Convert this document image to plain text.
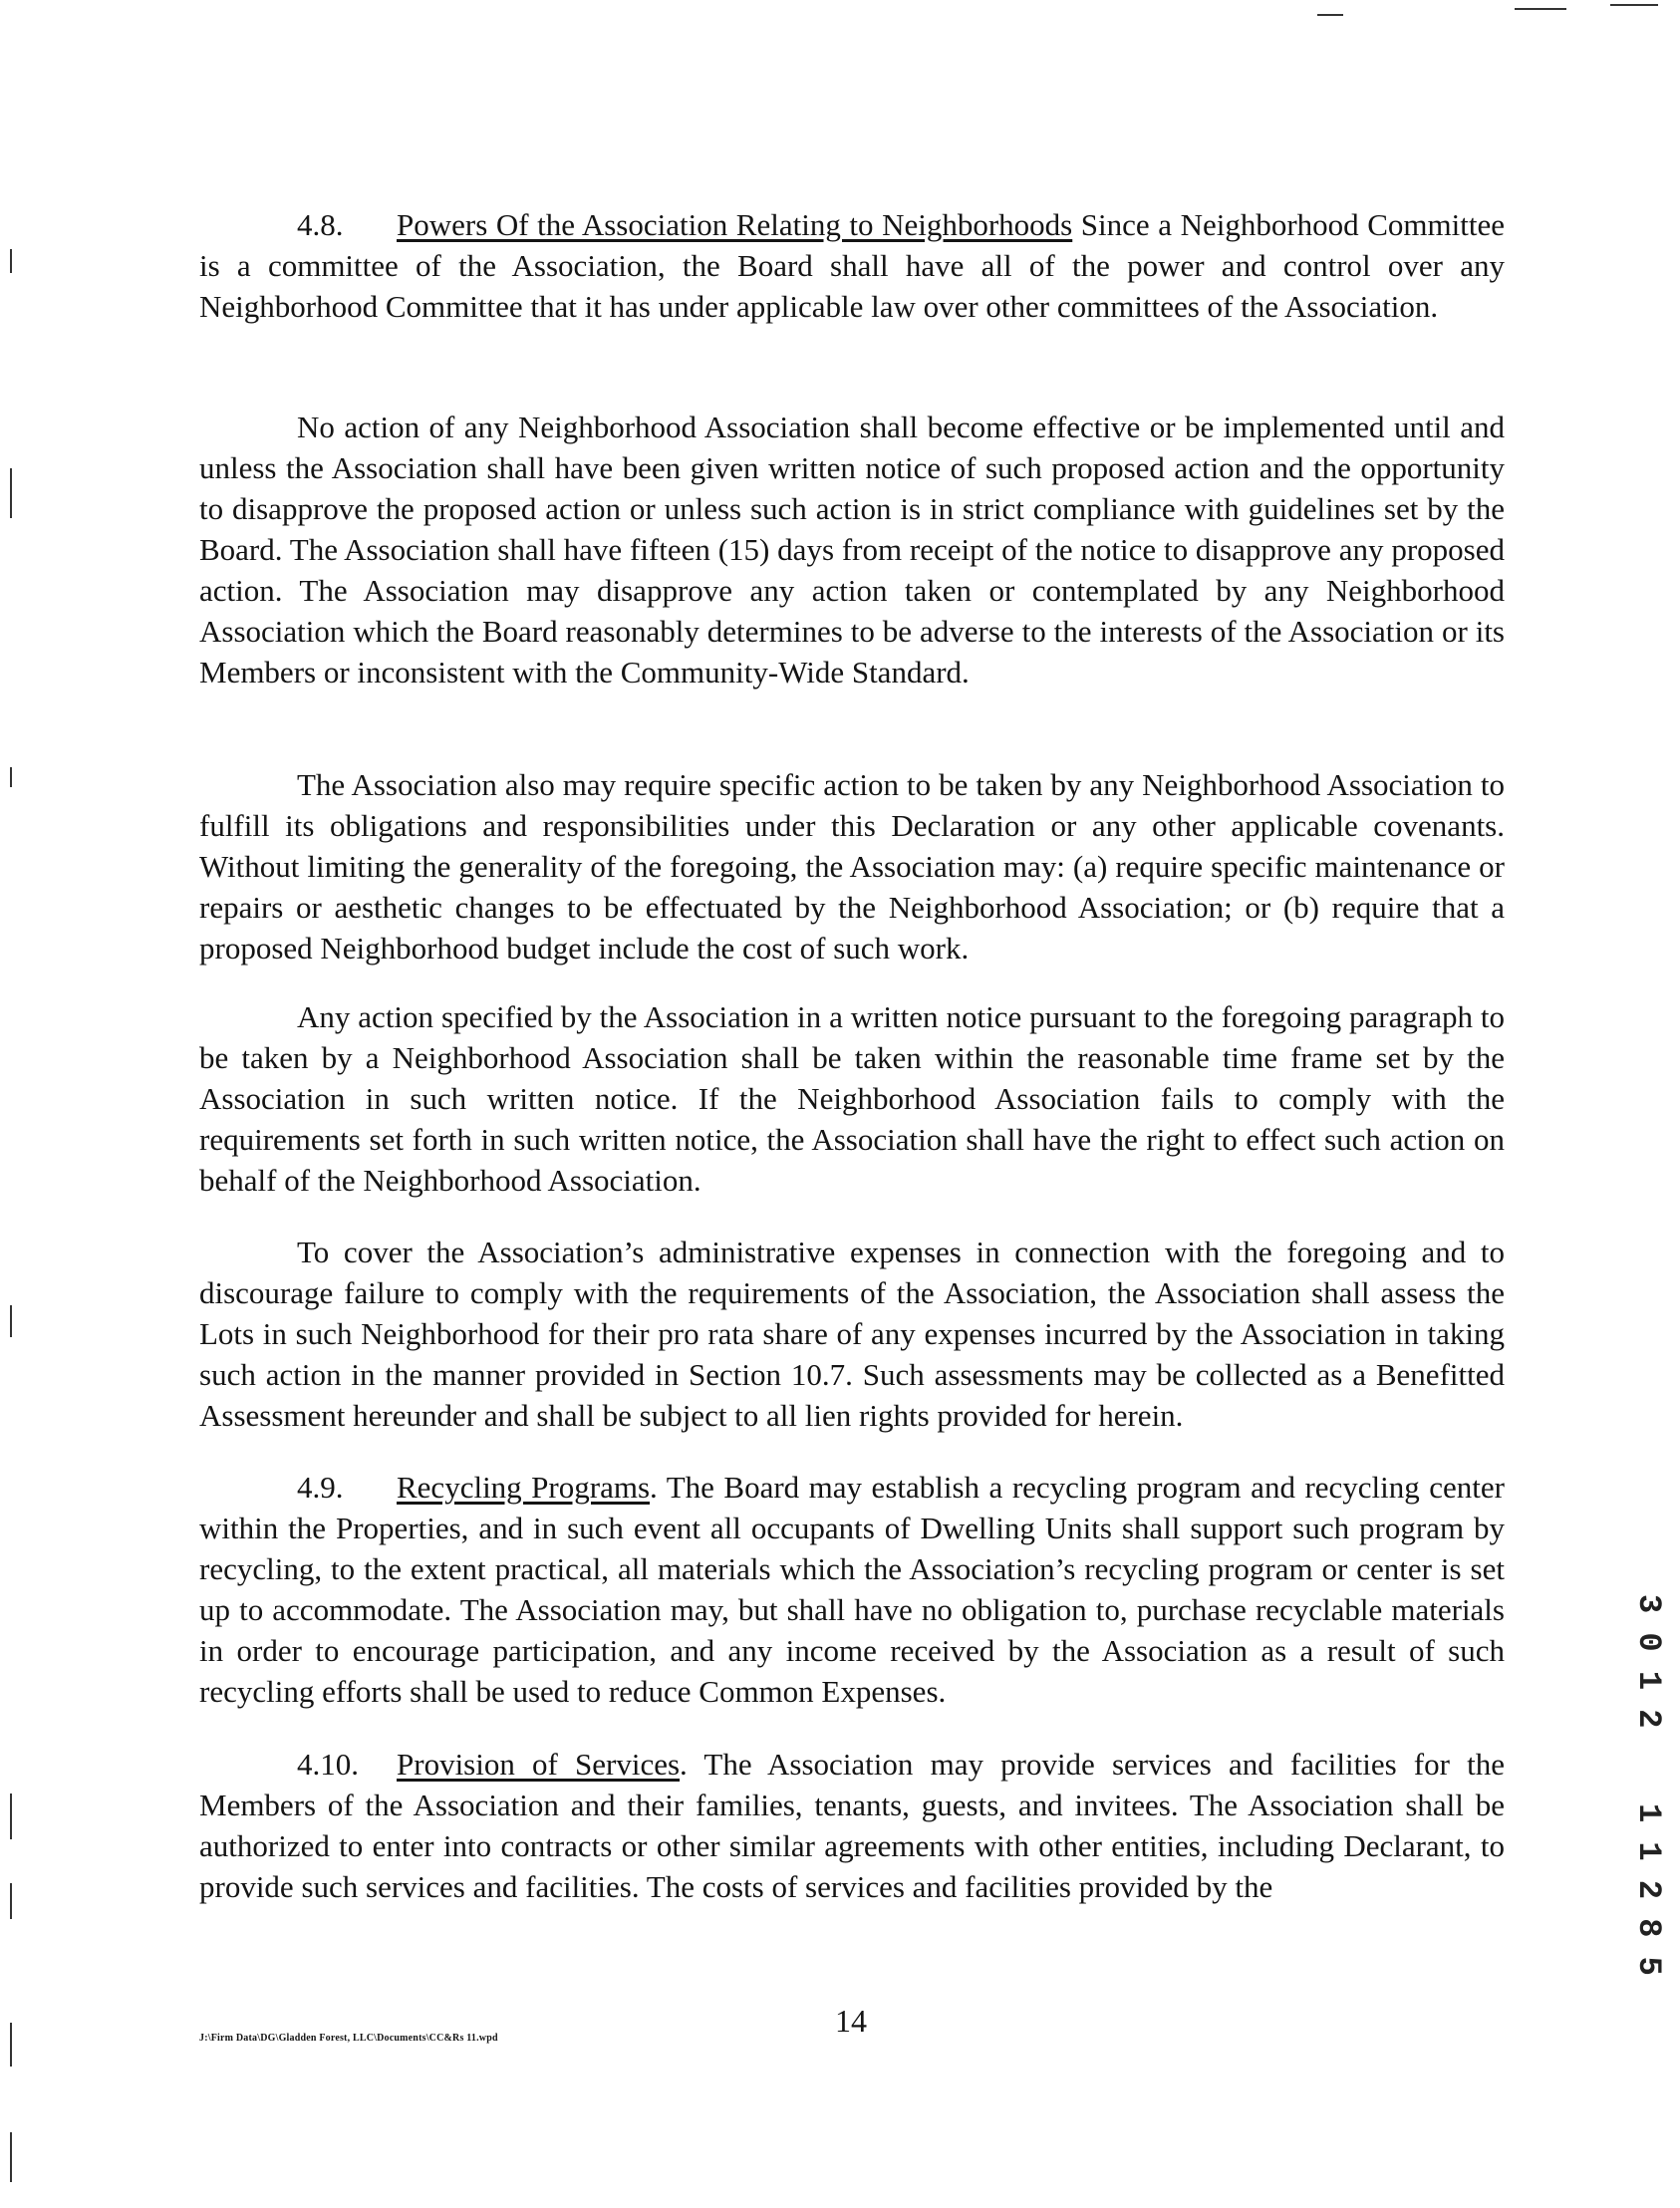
4.8. Powers Of the Association Relating to Neighborhoods Since a Neighborhood Committee is a committee of the Association, the Board shall have all of the power and control over any Neighborhood Committee that it has under applicable law over other committees of the Association.

No action of any Neighborhood Association shall become effective or be implemented until and unless the Association shall have been given written notice of such proposed action and the opportunity to disapprove the proposed action or unless such action is in strict compliance with guidelines set by the Board. The Association shall have fifteen (15) days from receipt of the notice to disapprove any proposed action. The Association may disapprove any action taken or contemplated by any Neighborhood Association which the Board reasonably determines to be adverse to the interests of the Association or its Members or inconsistent with the Community-Wide Standard.

The Association also may require specific action to be taken by any Neighborhood Association to fulfill its obligations and responsibilities under this Declaration or any other applicable covenants. Without limiting the generality of the foregoing, the Association may: (a) require specific maintenance or repairs or aesthetic changes to be effectuated by the Neighborhood Association; or (b) require that a proposed Neighborhood budget include the cost of such work.

Any action specified by the Association in a written notice pursuant to the foregoing paragraph to be taken by a Neighborhood Association shall be taken within the reasonable time frame set by the Association in such written notice. If the Neighborhood Association fails to comply with the requirements set forth in such written notice, the Association shall have the right to effect such action on behalf of the Neighborhood Association.

To cover the Association’s administrative expenses in connection with the foregoing and to discourage failure to comply with the requirements of the Association, the Association shall assess the Lots in such Neighborhood for their pro rata share of any expenses incurred by the Association in taking such action in the manner provided in Section 10.7. Such assessments may be collected as a Benefitted Assessment hereunder and shall be subject to all lien rights provided for herein.

4.9. Recycling Programs. The Board may establish a recycling program and recycling center within the Properties, and in such event all occupants of Dwelling Units shall support such program by recycling, to the extent practical, all materials which the Association’s recycling program or center is set up to accommodate. The Association may, but shall have no obligation to, purchase recyclable materials in order to encourage participation, and any income received by the Association as a result of such recycling efforts shall be used to reduce Common Expenses.

4.10. Provision of Services. The Association may provide services and facilities for the Members of the Association and their families, tenants, guests, and invitees. The Association shall be authorized to enter into contracts or other similar agreements with other entities, including Declarant, to provide such services and facilities. The costs of services and facilities provided by the

14
J:\Firm Data\DG\Gladden Forest, LLC\Documents\CC&Rs 11.wpd
3 0 1 2
1 1 2 8 5
